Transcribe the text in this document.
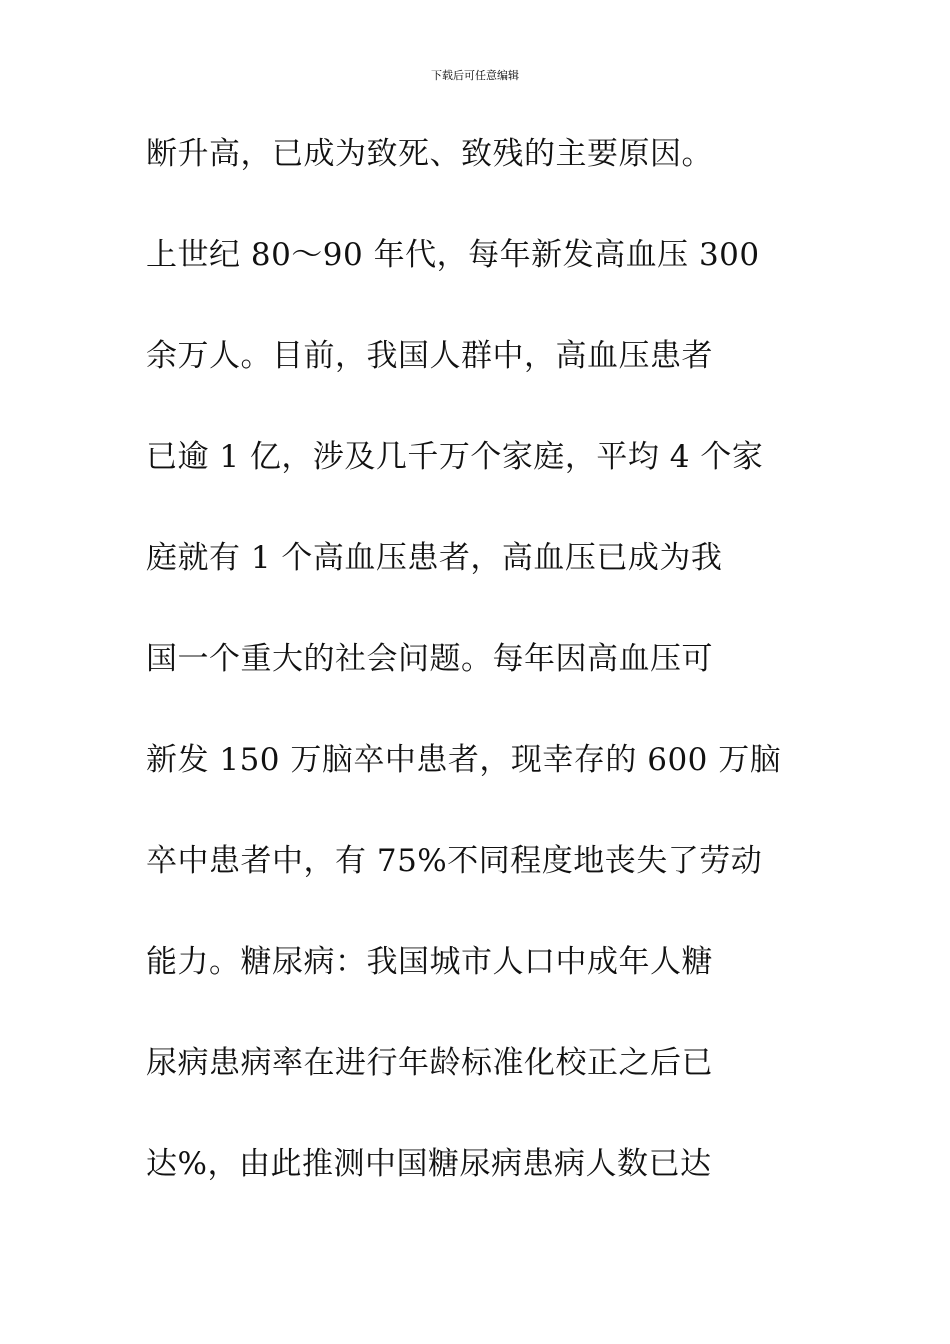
下载后可任意编辑
断升高，已成为致死、致残的主要原因。
上世纪 80～90 年代，每年新发高血压 300
余万人。目前，我国人群中，高血压患者
已逾 1 亿，涉及几千万个家庭，平均 4 个家
庭就有 1 个高血压患者，高血压已成为我
国一个重大的社会问题。每年因高血压可
新发 150 万脑卒中患者，现幸存的 600 万脑
卒中患者中，有 75%不同程度地丧失了劳动
能力。糖尿病：我国城市人口中成年人糖
尿病患病率在进行年龄标准化校正之后已
达%，由此推测中国糖尿病患病人数已达
